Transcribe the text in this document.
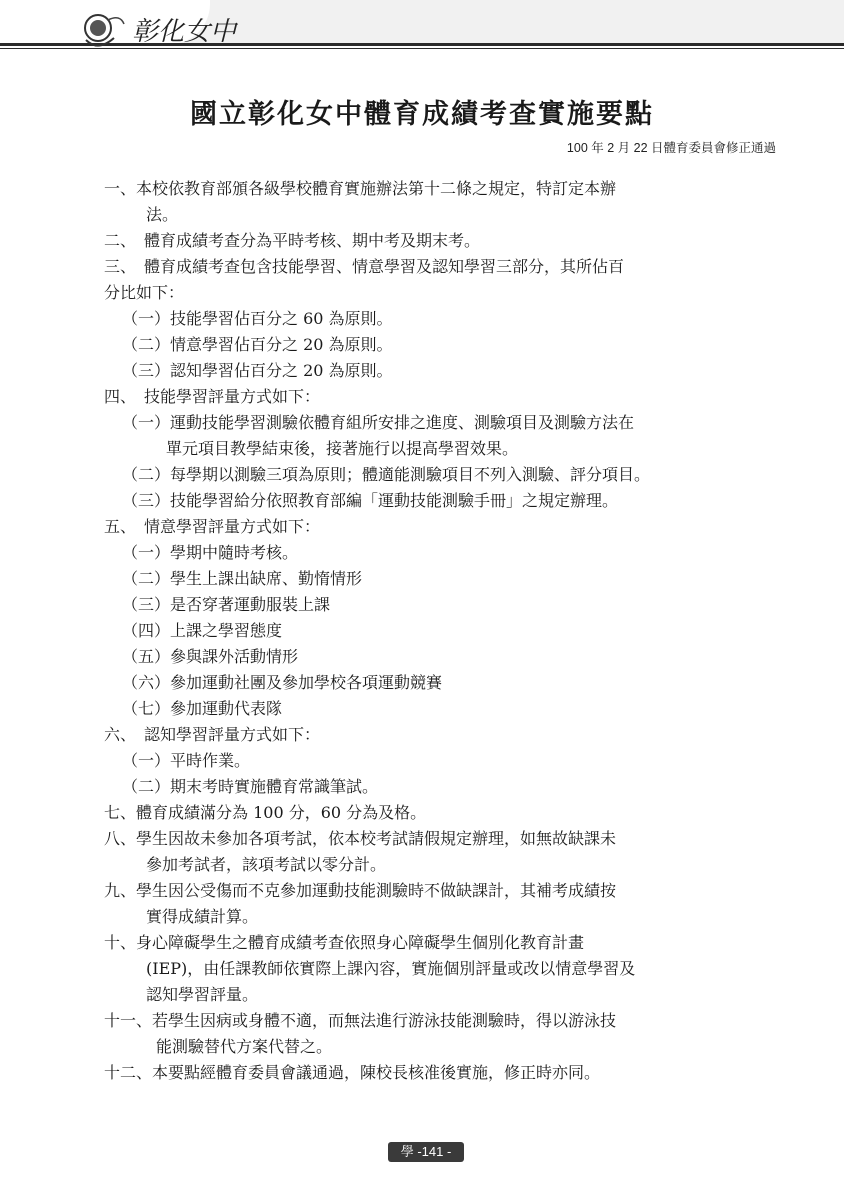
彰化女中
國立彰化女中體育成績考查實施要點
100 年 2 月 22 日體育委員會修正通過
一、本校依教育部頒各級學校體育實施辦法第十二條之規定，特訂定本辦
法。
二、　體育成績考查分為平時考核、期中考及期末考。
三、　體育成績考查包含技能學習、情意學習及認知學習三部分，其所佔百
分比如下：
（一）技能學習佔百分之 60 為原則。
（二）情意學習佔百分之 20 為原則。
（三）認知學習佔百分之 20 為原則。
四、　技能學習評量方式如下：
（一）運動技能學習測驗依體育組所安排之進度、測驗項目及測驗方法在
單元項目教學結束後，接著施行以提高學習效果。
（二）每學期以測驗三項為原則；體適能測驗項目不列入測驗、評分項目。
（三）技能學習給分依照教育部編「運動技能測驗手冊」之規定辦理。
五、　情意學習評量方式如下：
（一）學期中隨時考核。
（二）學生上課出缺席、勤惰情形
（三）是否穿著運動服裝上課
（四）上課之學習態度
（五）參與課外活動情形
（六）參加運動社團及參加學校各項運動競賽
（七）參加運動代表隊
六、　認知學習評量方式如下：
（一）平時作業。
（二）期末考時實施體育常識筆試。
七、體育成績滿分為 100 分，60 分為及格。
八、學生因故未參加各項考試，依本校考試請假規定辦理，如無故缺課未
參加考試者，該項考試以零分計。
九、學生因公受傷而不克參加運動技能測驗時不做缺課計，其補考成績按
實得成績計算。
十、身心障礙學生之體育成績考查依照身心障礙學生個別化教育計畫
(IEP)，由任課教師依實際上課內容，實施個別評量或改以情意學習及
認知學習評量。
十一、若學生因病或身體不適，而無法進行游泳技能測驗時，得以游泳技
能測驗替代方案代替之。
十二、本要點經體育委員會議通過，陳校長核准後實施，修正時亦同。
學 -141 -
